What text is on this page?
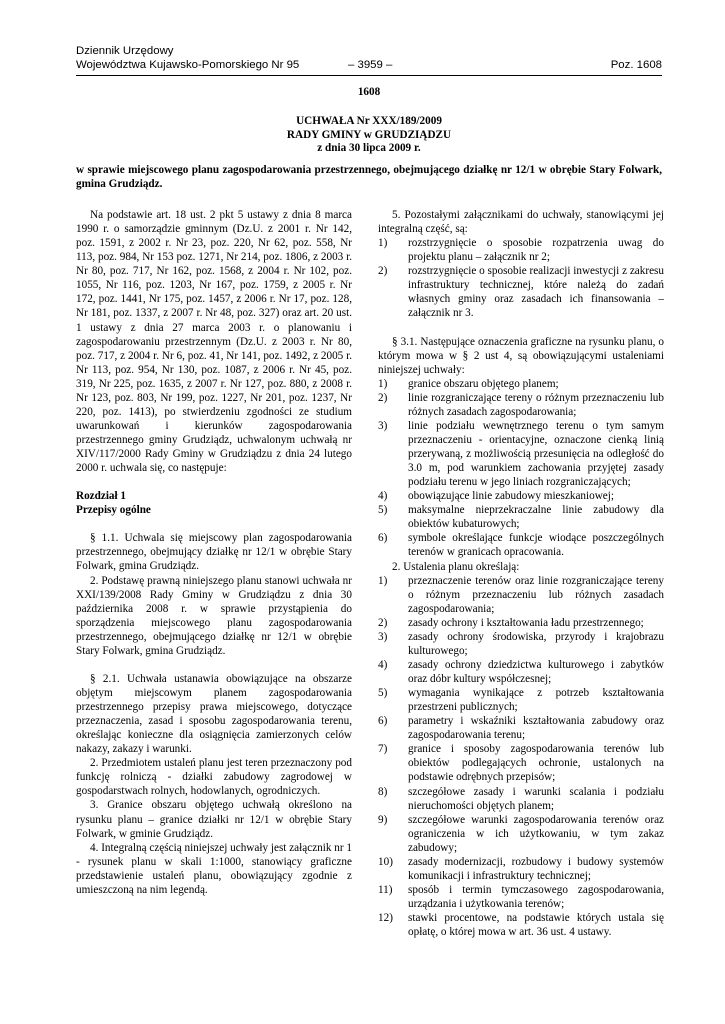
Dziennik Urzędowy
Województwa Kujawsko-Pomorskiego Nr 95	– 3959 –	Poz. 1608
1608
UCHWAŁA Nr XXX/189/2009
RADY GMINY w GRUDZIĄDZU
z dnia 30 lipca 2009 r.
w sprawie miejscowego planu zagospodarowania przestrzennego, obejmującego działkę nr 12/1 w obrębie Stary Folwark, gmina Grudziądz.

Na podstawie art. 18 ust. 2 pkt 5 ustawy z dnia 8 marca 1990 r. o samorządzie gminnym (Dz.U. z 2001 r. Nr 142, poz. 1591, z 2002 r. Nr 23, poz. 220, Nr 62, poz. 558, Nr 113, poz. 984, Nr 153 poz. 1271, Nr 214, poz. 1806, z 2003 r. Nr 80, poz. 717, Nr 162, poz. 1568, z 2004 r. Nr 102, poz. 1055, Nr 116, poz. 1203, Nr 167, poz. 1759, z 2005 r. Nr 172, poz. 1441, Nr 175, poz. 1457, z 2006 r. Nr 17, poz. 128, Nr 181, poz. 1337, z 2007 r. Nr 48, poz. 327) oraz art. 20 ust. 1 ustawy z dnia 27 marca 2003 r. o planowaniu i zagospodarowaniu przestrzennym (Dz.U. z 2003 r. Nr 80, poz. 717, z 2004 r. Nr 6, poz. 41, Nr 141, poz. 1492, z 2005 r. Nr 113, poz. 954, Nr 130, poz. 1087, z 2006 r. Nr 45, poz. 319, Nr 225, poz. 1635, z 2007 r. Nr 127, poz. 880, z 2008 r. Nr 123, poz. 803, Nr 199, poz. 1227, Nr 201, poz. 1237, Nr 220, poz. 1413), po stwierdzeniu zgodności ze studium uwarunkowań i kierunków zagospodarowania przestrzennego gminy Grudziądz, uchwalonym uchwałą nr XIV/117/2000 Rady Gminy w Grudziądzu z dnia 24 lutego 2000 r. uchwala się, co następuje:

Rozdział 1

Przepisy ogólne

§ 1.1. Uchwala się miejscowy plan zagospodarowania przestrzennego, obejmujący działkę nr 12/1 w obrębie Stary Folwark, gmina Grudziądz.

2. Podstawę prawną niniejszego planu stanowi uchwała nr XXI/139/2008 Rady Gminy w Grudziądzu z dnia 30 października 2008 r. w sprawie przystąpienia do sporządzenia miejscowego planu zagospodarowania przestrzennego, obejmującego działkę nr 12/1 w obrębie Stary Folwark, gmina Grudziądz.

§ 2.1. Uchwała ustanawia obowiązujące na obszarze objętym miejscowym planem zagospodarowania przestrzennego przepisy prawa miejscowego, dotyczące przeznaczenia, zasad i sposobu zagospodarowania terenu, określając konieczne dla osiągnięcia zamierzonych celów nakazy, zakazy i warunki.

2. Przedmiotem ustaleń planu jest teren przeznaczony pod funkcję rolniczą - działki zabudowy zagrodowej w gospodarstwach rolnych, hodowlanych, ogrodniczych.

3. Granice obszaru objętego uchwałą określono na rysunku planu – granice działki nr 12/1 w obrębie Stary Folwark, w gminie Grudziądz.

4. Integralną częścią niniejszej uchwały jest załącznik nr 1 - rysunek planu w skali 1:1000, stanowiący graficzne przedstawienie ustaleń planu, obowiązujący zgodnie z umieszczoną na nim legendą.

5. Pozostałymi załącznikami do uchwały, stanowiącymi jej integralną część, są:

1)	rozstrzygnięcie o sposobie rozpatrzenia uwag do projektu planu – załącznik nr 2;
2)	rozstrzygnięcie o sposobie realizacji inwestycji z zakresu infrastruktury technicznej, które należą do zadań własnych gminy oraz zasadach ich finansowania – załącznik nr 3.

§ 3.1. Następujące oznaczenia graficzne na rysunku planu, o którym mowa w § 2 ust 4, są obowiązującymi ustaleniami niniejszej uchwały:

1)	granice obszaru objętego planem;
2)	linie rozgraniczające tereny o różnym przeznaczeniu lub różnych zasadach zagospodarowania;
3)	linie podziału wewnętrznego terenu o tym samym przeznaczeniu - orientacyjne, oznaczone cienką linią przerywaną, z możliwością przesunięcia na odległość do 3.0 m, pod warunkiem zachowania przyjętej zasady podziału terenu w jego liniach rozgraniczających;
4)	obowiązujące linie zabudowy mieszkaniowej;
5)	maksymalne nieprzekraczalne linie zabudowy dla obiektów kubaturowych;
6)	symbole określające funkcje wiodące poszczególnych terenów w granicach opracowania.

2. Ustalenia planu określają:

1)	przeznaczenie terenów oraz linie rozgraniczające tereny o różnym przeznaczeniu lub różnych zasadach zagospodarowania;
2)	zasady ochrony i kształtowania ładu przestrzennego;
3)	zasady ochrony środowiska, przyrody i krajobrazu kulturowego;
4)	zasady ochrony dziedzictwa kulturowego i zabytków oraz dóbr kultury współczesnej;
5)	wymagania wynikające z potrzeb kształtowania przestrzeni publicznych;
6)	parametry i wskaźniki kształtowania zabudowy oraz zagospodarowania terenu;
7)	granice i sposoby zagospodarowania terenów lub obiektów podlegających ochronie, ustalonych na podstawie odrębnych przepisów;
8)	szczegółowe zasady i warunki scalania i podziału nieruchomości objętych planem;
9)	szczegółowe warunki zagospodarowania terenów oraz ograniczenia w ich użytkowaniu, w tym zakaz zabudowy;
10)	zasady modernizacji, rozbudowy i budowy systemów komunikacji i infrastruktury technicznej;
11)	sposób i termin tymczasowego zagospodarowania, urządzania i użytkowania terenów;
12)	stawki procentowe, na podstawie których ustala się opłatę, o której mowa w art. 36 ust. 4 ustawy.
